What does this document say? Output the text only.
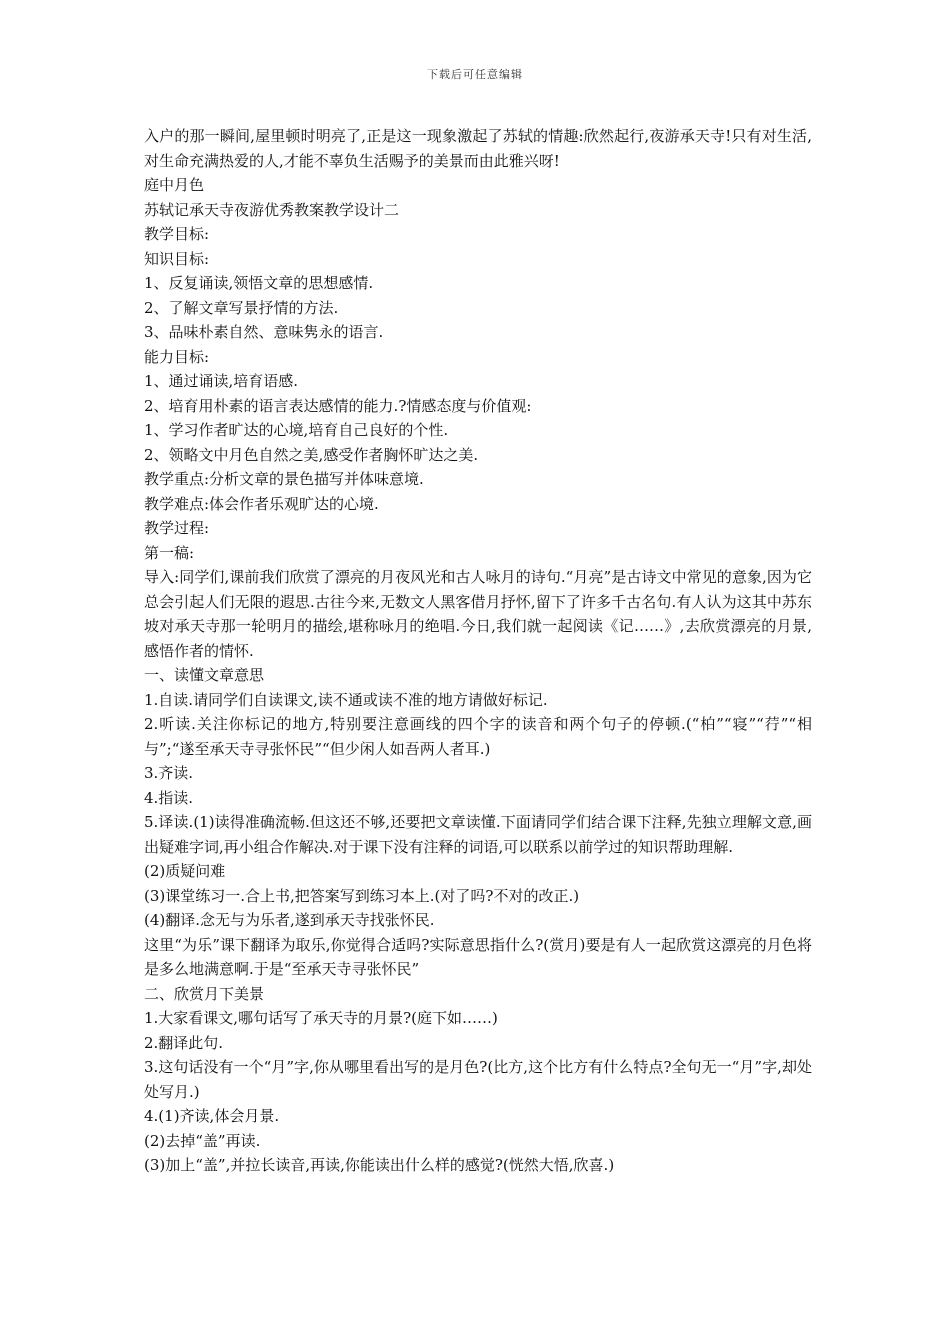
下载后可任意编辑

入户的那一瞬间,屋里顿时明亮了,正是这一现象激起了苏轼的情趣:欣然起行,夜游承天寺!只有对生活,对生命充满热爱的人,才能不辜负生活赐予的美景而由此雅兴呀!

庭中月色

苏轼记承天寺夜游优秀教案教学设计二

教学目标:

知识目标:

1、反复诵读,领悟文章的思想感情.

2、了解文章写景抒情的方法.

3、品味朴素自然、意味隽永的语言.

能力目标:

1、通过诵读,培育语感.

2、培育用朴素的语言表达感情的能力.?情感态度与价值观:

1、学习作者旷达的心境,培育自己良好的个性.

2、领略文中月色自然之美,感受作者胸怀旷达之美.

教学重点:分析文章的景色描写并体味意境.

教学难点:体会作者乐观旷达的心境.

教学过程:

第一稿:

导入:同学们,课前我们欣赏了漂亮的月夜风光和古人咏月的诗句.“月亮”是古诗文中常见的意象,因为它总会引起人们无限的遐思.古往今来,无数文人黑客借月抒怀,留下了许多千古名句.有人认为这其中苏东坡对承天寺那一轮明月的描绘,堪称咏月的绝唱.今日,我们就一起阅读《记……》,去欣赏漂亮的月景,感悟作者的情怀.

一、读懂文章意思

1.自读.请同学们自读课文,读不通或读不准的地方请做好标记.

2.听读.关注你标记的地方,特别要注意画线的四个字的读音和两个句子的停顿.(“柏”“寝”“荇”“相与”;“遂至承天寺寻张怀民”“但少闲人如吾两人者耳.)

3.齐读.

4.指读.

5.译读.(1)读得准确流畅.但这还不够,还要把文章读懂.下面请同学们结合课下注释,先独立理解文意,画出疑难字词,再小组合作解决.对于课下没有注释的词语,可以联系以前学过的知识帮助理解.

(2)质疑问难

(3)课堂练习一.合上书,把答案写到练习本上.(对了吗?不对的改正.)

(4)翻译.念无与为乐者,遂到承天寺找张怀民.

这里“为乐”课下翻译为取乐,你觉得合适吗?实际意思指什么?(赏月)要是有人一起欣赏这漂亮的月色将是多么地满意啊.于是“至承天寺寻张怀民”

二、欣赏月下美景

1.大家看课文,哪句话写了承天寺的月景?(庭下如……)

2.翻译此句.

3.这句话没有一个“月”字,你从哪里看出写的是月色?(比方,这个比方有什么特点?全句无一“月”字,却处处写月.)

4.(1)齐读,体会月景.

(2)去掉“盖”再读.

(3)加上“盖”,并拉长读音,再读,你能读出什么样的感觉?(恍然大悟,欣喜.)
